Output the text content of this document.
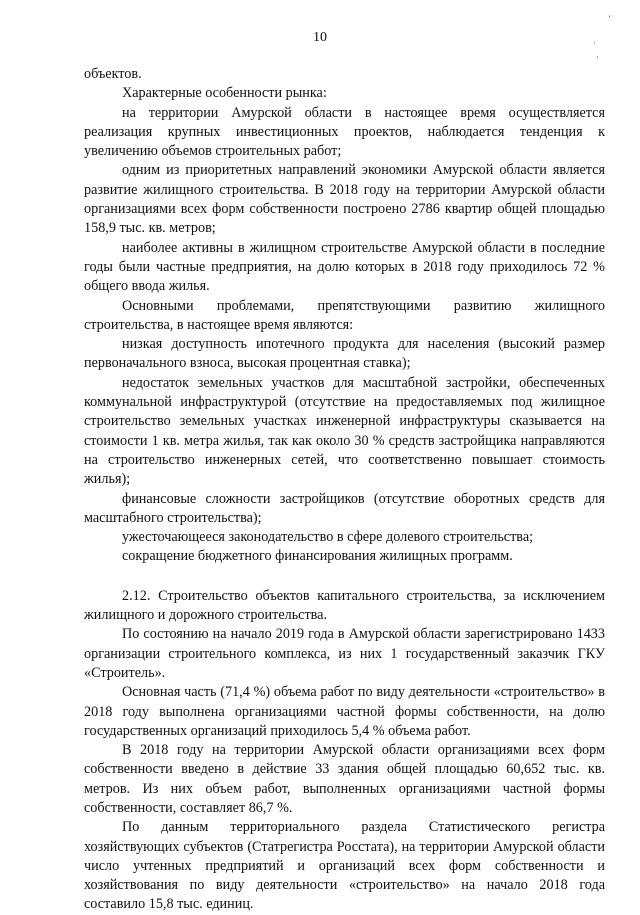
10
ʼ
·
·

объектов.

Характерные особенности рынка:

на территории Амурской области в настоящее время осуществляется реализация крупных инвестиционных проектов, наблюдается тенденция к увеличению объемов строительных работ;

одним из приоритетных направлений экономики Амурской области является развитие жилищного строительства. В 2018 году на территории Амурской области организациями всех форм собственности построено 2786 квартир общей площадью 158,9 тыс. кв. метров;

наиболее активны в жилищном строительстве Амурской области в последние годы были частные предприятия, на долю которых в 2018 году приходилось 72 % общего ввода жилья.

Основными проблемами, препятствующими развитию жилищного строительства, в настоящее время являются:

низкая доступность ипотечного продукта для населения (высокий размер первоначального взноса, высокая процентная ставка);

недостаток земельных участков для масштабной застройки, обеспеченных коммунальной инфраструктурой (отсутствие на предоставляемых под жилищное строительство земельных участках инженерной инфраструктуры сказывается на стоимости 1 кв. метра жилья, так как около 30 % средств застройщика направляются на строительство инженерных сетей, что соответственно повышает стоимость жилья);

финансовые сложности застройщиков (отсутствие оборотных средств для масштабного строительства);

ужесточающееся законодательство в сфере долевого строительства;

сокращение бюджетного финансирования жилищных программ.

2.12. Строительство объектов капитального строительства, за исключением жилищного и дорожного строительства.

По состоянию на начало 2019 года в Амурской области зарегистрировано 1433 организации строительного комплекса, из них 1 государственный заказчик ГКУ «Строитель».

Основная часть (71,4 %) объема работ по виду деятельности «строительство» в 2018 году выполнена организациями частной формы собственности, на долю государственных организаций приходилось 5,4 % объема работ.

В 2018 году на территории Амурской области организациями всех форм собственности введено в действие 33 здания общей площадью 60,652 тыс. кв. метров. Из них объем работ, выполненных организациями частной формы собственности, составляет 86,7 %.

По данным территориального раздела Статистического регистра хозяйствующих субъектов (Статрегистра Росстата), на территории Амурской области число учтенных предприятий и организаций всех форм собственности и хозяйствования по виду деятельности «строительство» на начало 2018 года составило 15,8 тыс. единиц.
